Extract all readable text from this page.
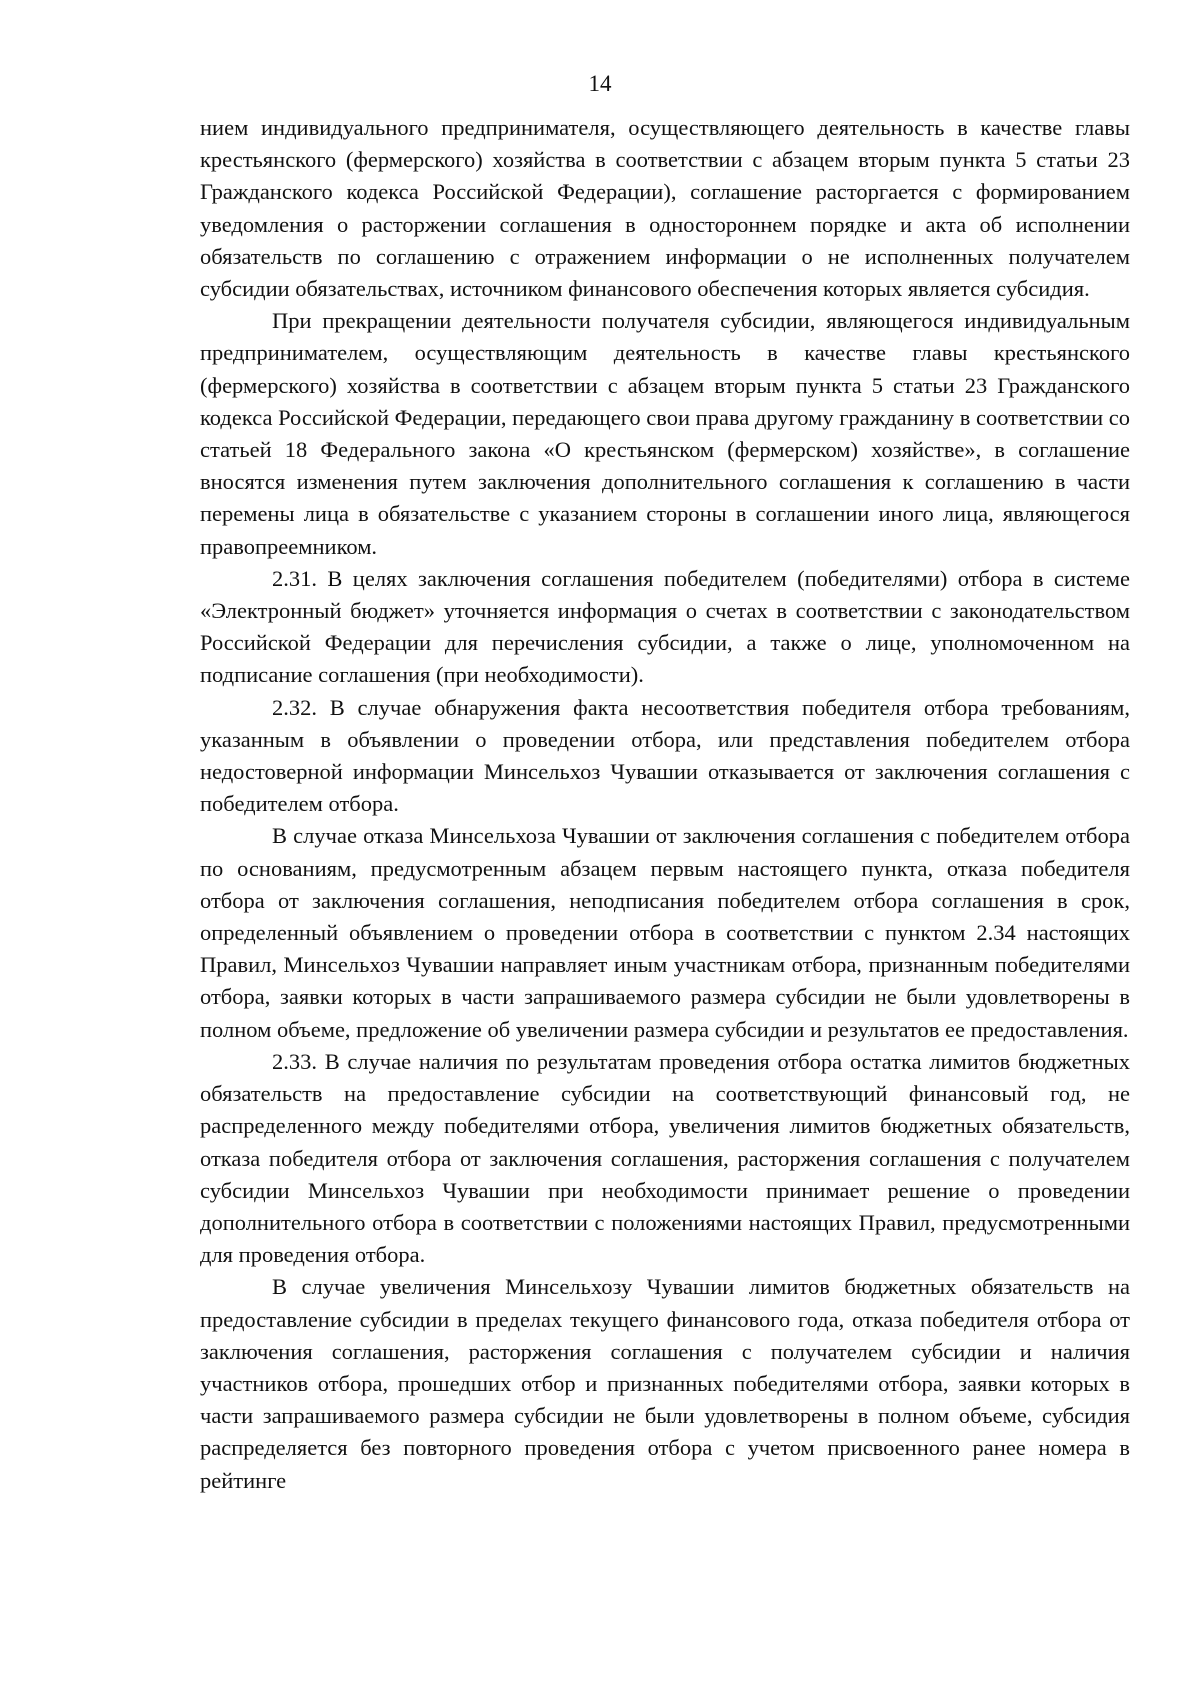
14

нием индивидуального предпринимателя, осуществляющего деятельность в качестве главы крестьянского (фермерского) хозяйства в соответствии с абзацем вторым пункта 5 статьи 23 Гражданского кодекса Российской Федерации), соглашение расторгается с формированием уведомления о расторжении соглашения в одностороннем порядке и акта об исполнении обязательств по соглашению с отражением информации о не исполненных получателем субсидии обязательствах, источником финансового обеспечения которых является субсидия.

При прекращении деятельности получателя субсидии, являющегося индивидуальным предпринимателем, осуществляющим деятельность в качестве главы крестьянского (фермерского) хозяйства в соответствии с абзацем вторым пункта 5 статьи 23 Гражданского кодекса Российской Федерации, передающего свои права другому гражданину в соответствии со статьей 18 Федерального закона «О крестьянском (фермерском) хозяйстве», в соглашение вносятся изменения путем заключения дополнительного соглашения к соглашению в части перемены лица в обязательстве с указанием стороны в соглашении иного лица, являющегося правопреемником.

2.31. В целях заключения соглашения победителем (победителями) отбора в системе «Электронный бюджет» уточняется информация о счетах в соответствии с законодательством Российской Федерации для перечисления субсидии, а также о лице, уполномоченном на подписание соглашения (при необходимости).

2.32. В случае обнаружения факта несоответствия победителя отбора требованиям, указанным в объявлении о проведении отбора, или представления победителем отбора недостоверной информации Минсельхоз Чувашии отказывается от заключения соглашения с победителем отбора.

В случае отказа Минсельхоза Чувашии от заключения соглашения с победителем отбора по основаниям, предусмотренным абзацем первым настоящего пункта, отказа победителя отбора от заключения соглашения, неподписания победителем отбора соглашения в срок, определенный объявлением о проведении отбора в соответствии с пунктом 2.34 настоящих Правил, Минсельхоз Чувашии направляет иным участникам отбора, признанным победителями отбора, заявки которых в части запрашиваемого размера субсидии не были удовлетворены в полном объеме, предложение об увеличении размера субсидии и результатов ее предоставления.

2.33. В случае наличия по результатам проведения отбора остатка лимитов бюджетных обязательств на предоставление субсидии на соответствующий финансовый год, не распределенного между победителями отбора, увеличения лимитов бюджетных обязательств, отказа победителя отбора от заключения соглашения, расторжения соглашения с получателем субсидии Минсельхоз Чувашии при необходимости принимает решение о проведении дополнительного отбора в соответствии с положениями настоящих Правил, предусмотренными для проведения отбора.

В случае увеличения Минсельхозу Чувашии лимитов бюджетных обязательств на предоставление субсидии в пределах текущего финансового года, отказа победителя отбора от заключения соглашения, расторжения соглашения с получателем субсидии и наличия участников отбора, прошедших отбор и признанных победителями отбора, заявки которых в части запрашиваемого размера субсидии не были удовлетворены в полном объеме, субсидия распределяется без повторного проведения отбора с учетом присвоенного ранее номера в рейтинге
